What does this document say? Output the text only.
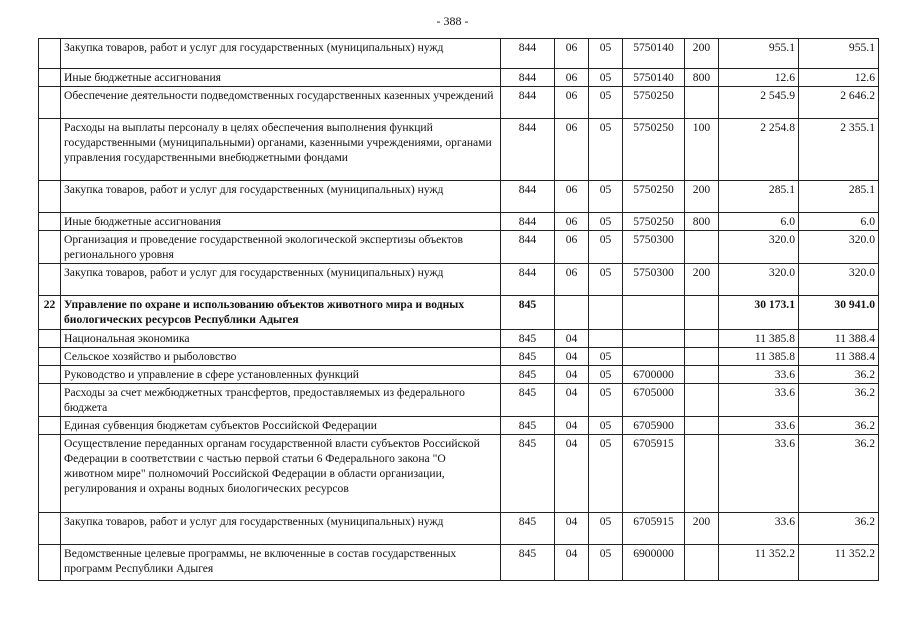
- 388 -
	Закупка товаров, работ и услуг для государственных (муниципальных) нужд	844	06	05	5750140	200	955.1	955.1
	Иные бюджетные ассигнования	844	06	05	5750140	800	12.6	12.6
	Обеспечение деятельности подведомственных государственных казенных учреждений	844	06	05	5750250		2 545.9	2 646.2
	Расходы на выплаты персоналу в целях обеспечения выполнения функций государственными (муниципальными) органами, казенными учреждениями, органами управления государственными внебюджетными фондами	844	06	05	5750250	100	2 254.8	2 355.1
	Закупка товаров, работ и услуг для государственных (муниципальных) нужд	844	06	05	5750250	200	285.1	285.1
	Иные бюджетные ассигнования	844	06	05	5750250	800	6.0	6.0
	Организация и проведение государственной экологической экспертизы объектов регионального уровня	844	06	05	5750300		320.0	320.0
	Закупка товаров, работ и услуг для государственных (муниципальных) нужд	844	06	05	5750300	200	320.0	320.0
22	Управление по охране и использованию объектов животного мира и водных биологических ресурсов Республики Адыгея	845					30 173.1	30 941.0
	Национальная экономика	845	04				11 385.8	11 388.4
	Сельское хозяйство и рыболовство	845	04	05			11 385.8	11 388.4
	Руководство и управление в сфере установленных функций	845	04	05	6700000		33.6	36.2
	Расходы за счет межбюджетных трансфертов, предоставляемых из федерального бюджета	845	04	05	6705000		33.6	36.2
	Единая субвенция бюджетам субъектов Российской Федерации	845	04	05	6705900		33.6	36.2
	Осуществление переданных органам государственной власти субъектов Российской Федерации в соответствии с частью первой статьи 6 Федерального закона "О животном мире" полномочий Российской Федерации в области организации, регулирования и охраны водных биологических ресурсов	845	04	05	6705915		33.6	36.2
	Закупка товаров, работ и услуг для государственных (муниципальных) нужд	845	04	05	6705915	200	33.6	36.2
	Ведомственные целевые программы, не включенные в состав государственных программ Республики Адыгея	845	04	05	6900000		11 352.2	11 352.2
